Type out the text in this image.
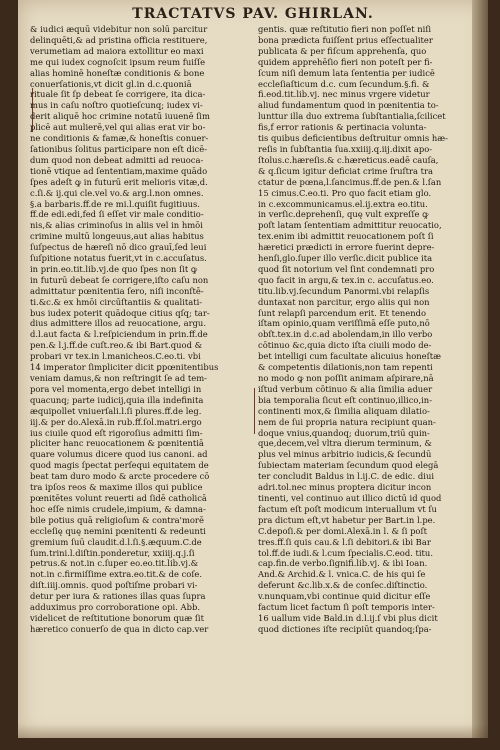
TRACTATVS PAV. GHIRLAN.

& iudici æquū videbitur non solū parcitur

delinquēti,& ad pristina officia restituere,

verumetiam ad maiora extollitur eo maxi

me qui iudex cognoſcit ipsum reum fuiſſe

alias hominē honeſtæ conditionis & bone

conuerſationis,vt dicit gl.in d.c.quoniā

rituale ſit ſp debeat ſe corrigere, ita dica-

mus in caſu noſtro quotieſcunq; iudex vi-

derit aliquē hoc crimine notatū iuuenē ſim

plicē aut mulierē,vel qui alias erat vir bo-

ne conditionis & famæ,& honeſtis conuer-

ſationibus ſolitus participare non eſt dicē-

dum quod non debeat admitti ad reuoca-

tionē vtique ad ſententiam,maxime quādo

ſpes adeſt ꝙ in futurū erit melioris vitæ,d.

c.ſi.& ij.qui cle.vel vo.& arg.l.non omnes.

§.a barbaris.ff.de re mi.l.quiſit fugitiuus.

ff.de edi.edi,fed ſi eſſet vir male conditio-

nis,& alias criminoſus in aliis vel in hmōi

crimine multū longeuus,aut alias habitus

ſuſpectus de hæreſi nō dico grauī,ſed leui

ſuſpitione notatus fuerit,vt in c.accuſatus.

in prin.eo.tit.lib.vj.de quo ſpes non ſit ꝙ

in futurū debeat ſe corrigere,iſto caſu non

admittatur pœnitentia ſero, niſi inconſtē-

ti.&c.& ex hmōi circūſtantiis & qualitati-

bus iudex poterit quādoque citius qſq; tar-

dius admittere illos ad reuocatione, argu.

d.l.aut facta & l.reſpiciendum in prin.ff.de

pen.& l.j.ff.de cuſt.reo.& ibi Bart.quod &

probari vr tex.in l.manicheos.C.eo.ti. vbi

14 imperator ſimpliciter dicit ꝑpœnitentibus

veniam damus,& non reſtringit ſe ad tem-

pora vel momenta,ergo debet intelligi in

quacunq; parte iudicij,quia illa indefinita

æquipollet vniuerſali.l.ſi plures.ff.de leg.

iij.& per do.Alexā.in rub.ff.ſol.matri.ergo

ius ciuile quod eſt rigoroſius admitti ſim-

pliciter hanc reuocationem & pœnitentiā

quare volumus dicere quod ius canoni. ad

quod magis ſpectat perſequi equitatem de

beat tam duro modo & arcte procedere cō

tra ipſos reos & maxime illos qui publice

pœnitētes volunt reuerti ad ſidē catholicā

hoc eſſe nimis crudele,impium, & damna-

bile potius quā religioſum & contra'morē

eccleſię quę nemini pœnitenti & redeunti

gremium ſuū claudit.d.l.ſi.§.æquum.C.de

ſum.trini.l.diſtin.ponderetur, xxiiij.q.j.ſi

petrus.& not.in c.ſuper eo.eo.tit.lib.vj.&

not.in c.firmiſſime extra.eo.tit.& de coſe.

diſt.iiij.omnis. quod poſtiſme probari vi-

detur per iura & rationes illas quas ſupra

adduximus pro corroboratione opi. Abb.

videlicet de reſtitutione bonorum quæ ſit

hæretico conuerſo de qua in dicto cap.ver

gentis. quæ reſtitutio fieri non poſſet niſi

bona prædicta fuiſſent prius eſſectualiter

publicata & per fiſcum apprehenſa, quo

quidem apprehēſio fieri non poteſt per fi-

ſcum niſi demum lata ſententia per iudicē

eccleſiaſticum d.c. cum ſecundum.§.fi. &

fi.eod.tit.lib.vj. nec minus vrgere videtur

aliud fundamentum quod in pœnitentia to-

lunttur illa duo extrema ſubſtantialia,ſcilicet

fis,f error rationis & pertinacia volunta-

tis quibus deficientibus deſtruitur omnis hæ-

reſis in ſubſtantia ſua.xxiiij.q.iij.dixit apo-

ſtolus.c.hæreſis.& c.hæreticus.eadē cauſa,

& q.ſicum igitur deficiat crime ſruſtra tra

ctatur de pœna,l.ſancimus.ff.de pen.& l.ſan

15 cimus.C.eo.ti. Pro quo facit etiam glo.

in c.excommunicamus.el.ij.extra eo.titu.

in verſic.deprehenſi, quę vult expreſſe ꝙ

poſt latam ſententiam admittitur reuocatio,

tex.enim ibi admittit reuocationem poſt ſi

hæretici prædicti in errore fuerint depre-

henſi,glo.ſuper illo verſic.dicit publice ita

quod ſit notorium vel ſint condemnati pro

quo facit in argu,& tex.in c. accuſatus.eo.

titu.lib.vj.ſecundum Panormi.vbi relapſis

duntaxat non parcitur, ergo aliis qui non

ſunt relapſi parcendum erit. Et tenendo

iſtam opinio,quam veriſſimā eſſe puto,nō

obſt.tex.in d.c.ad abolendam,in illo verbo

cōtinuo &c,quia dicto iſta ciuili modo de-

bet intelligi cum facultate alicuius honeſtæ

& competentis dilationis,non tam repenti

no modo ꝙ non poſſit animam aſpirare,nā

iſtud verbum cōtinuo & alia ſimilia aduer

bia temporalia ſicut eſt continuo,illico,in-

continenti mox,& ſimilia aliquam dilatio-

nem de ſui propria natura recipiunt quan-

doque vnius,quandoq; duorum,triū quin-

que,decem,vel vltra dierum terminum, &

plus vel minus arbitrio iudicis,& ſecundū

ſubiectam materiam ſecundum quod elegā

ter concludit Baldus in l.ij.C. de edic. diui

adri.tol.nec minus proptera dicitur incon

tinenti, vel continuo aut illico dictū id quod

factum eſt poſt modicum interuallum vt ſu

pra dictum eſt,vt habetur per Bart.in l.pe.

C.depoſi.& per domi.Alexā.in l. & ſi poſt

tres.ff.ſi quis cau.& l.ſi debitori.& ibi Bar

tol.ff.de iudi.& l.cum ſpecialis.C.eod. titu.

cap.fin.de verbo.ſignifi.lib.vj. & ibi Ioan.

And.& Archid.& l. vnica.C. de his qui ſe

deferunt &c.lib.x.& de conſec.diſtinctio.

v.nunquam,vbi continue quid dicitur eſſe

factum licet factum ſi poſt temporis inter-

16 uallum vide Bald.in d.l.ij.ſ vbi plus dicit

quod dictiones iſte recipiūt quandoq;ſpa-
